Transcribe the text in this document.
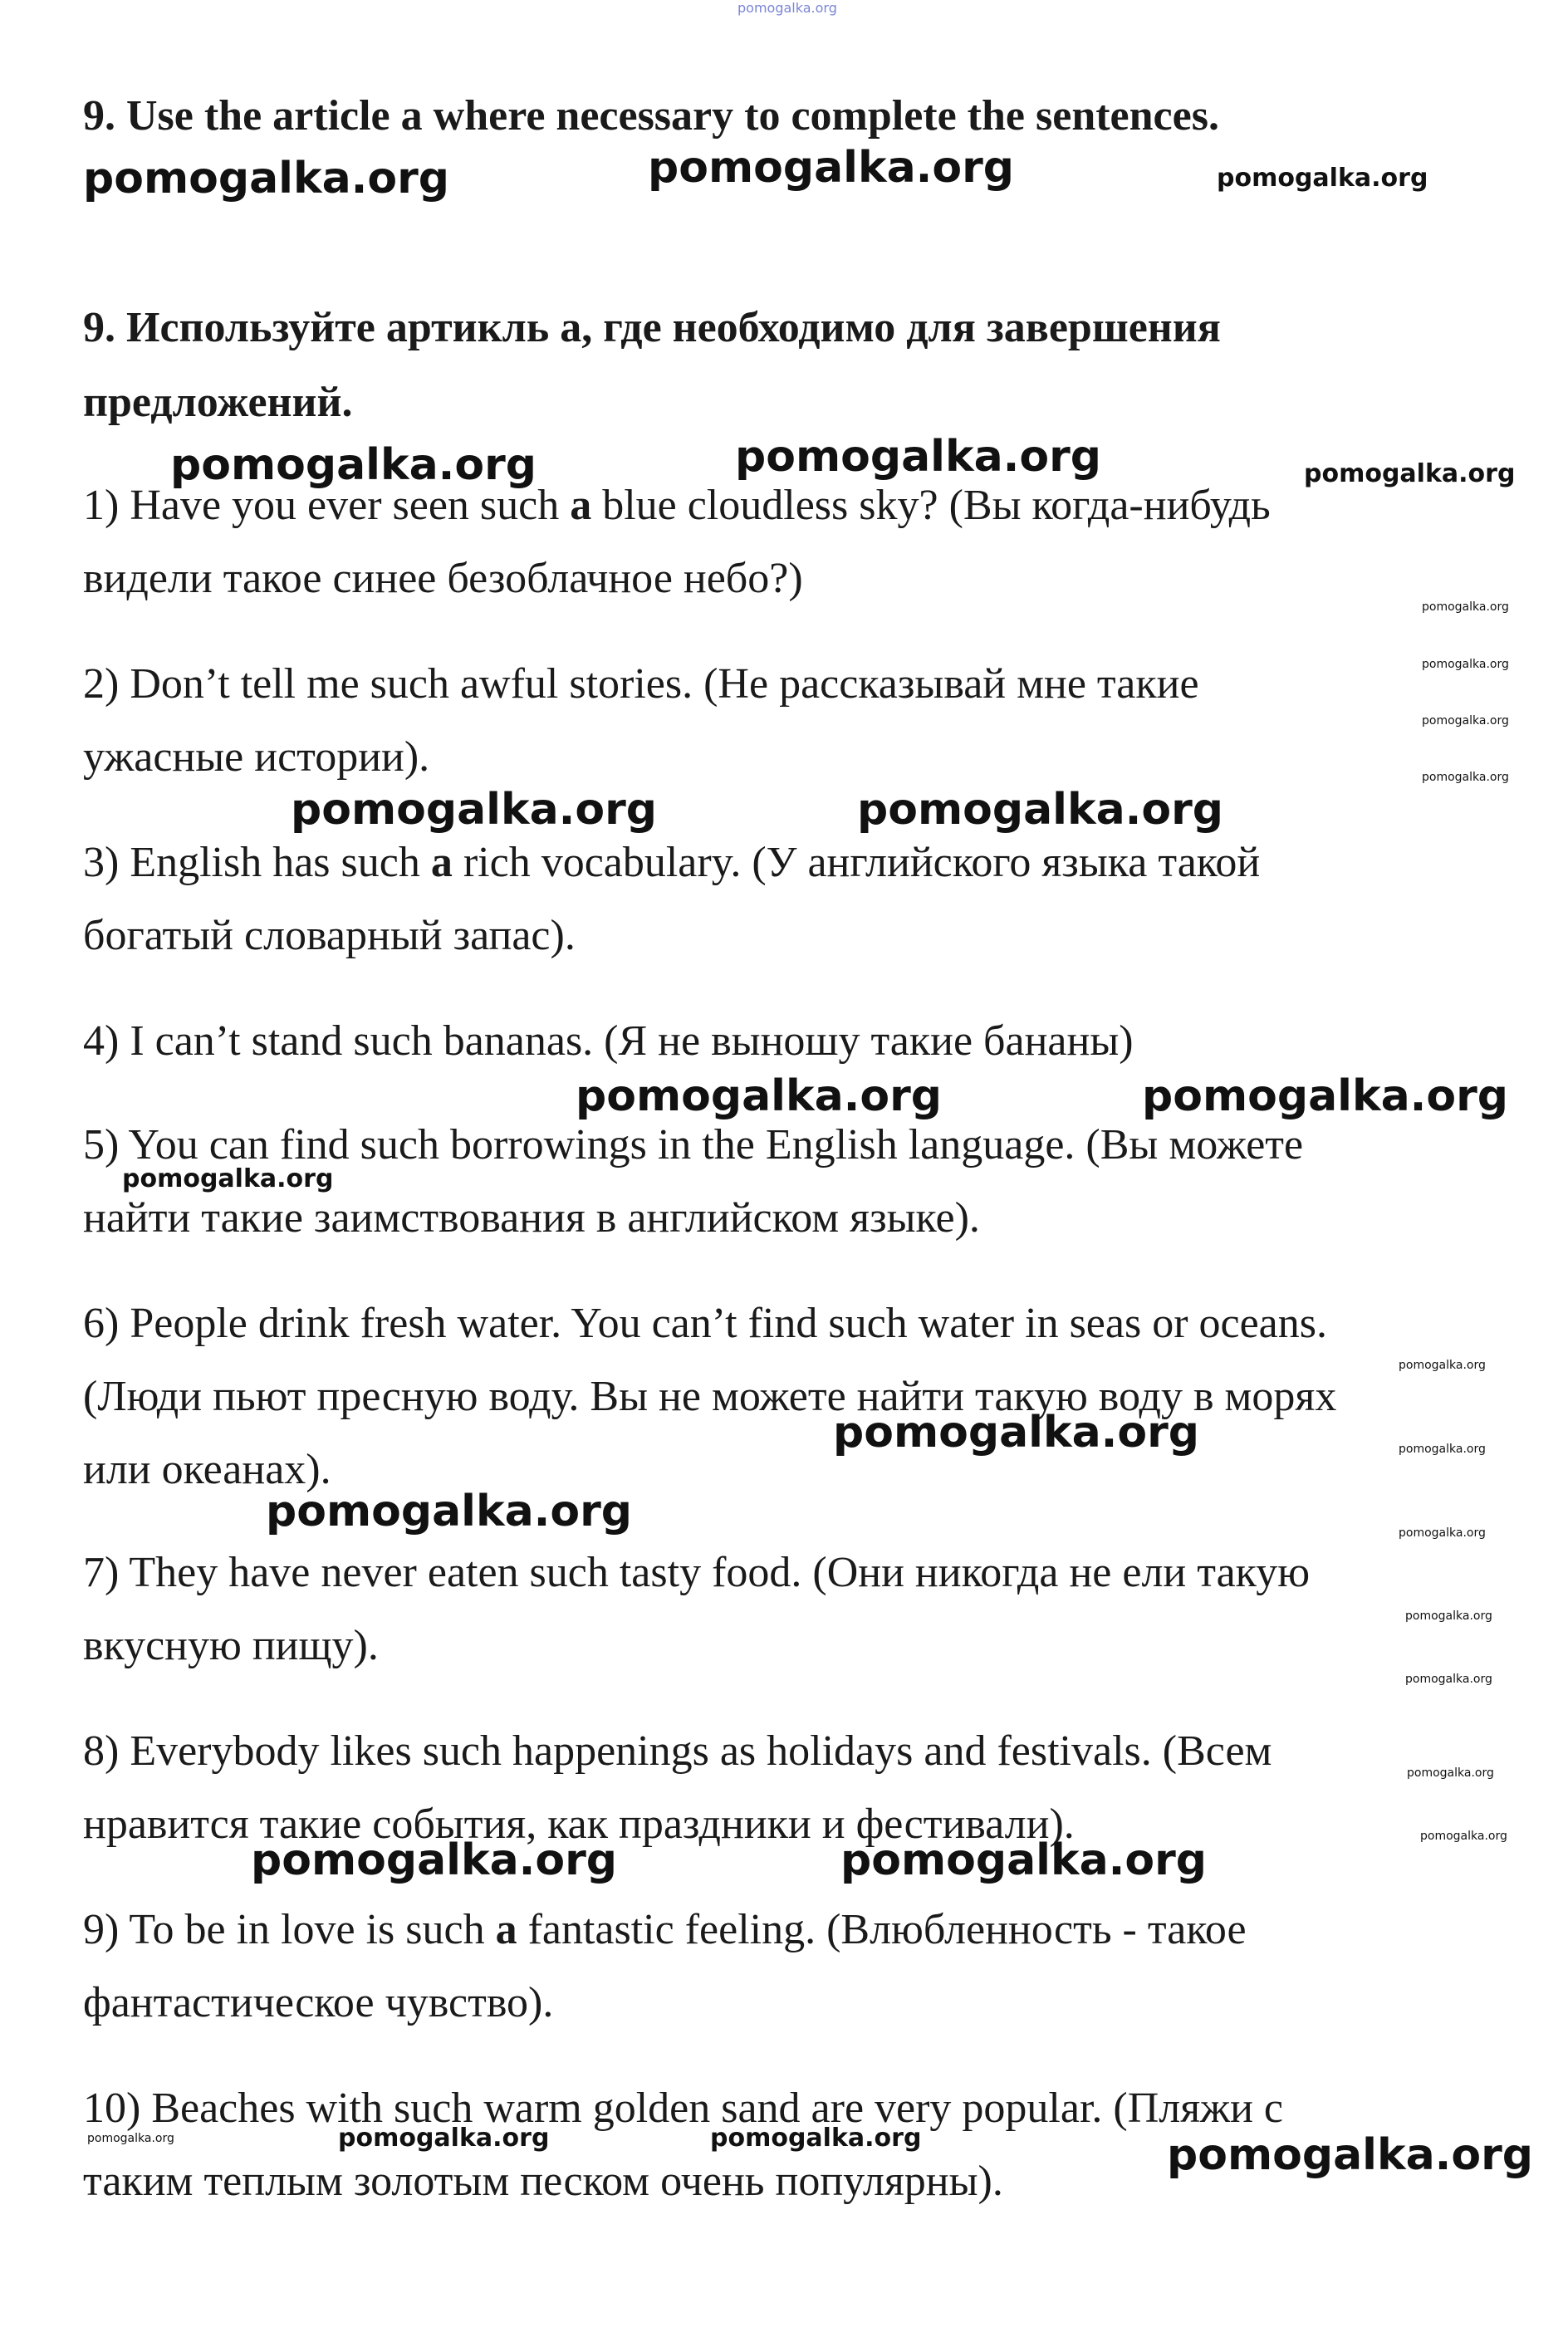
pomogalka.org
9. Use the article a where necessary to complete the sentences.
pomogalka.org	pomogalka.org	pomogalka.org
9. Используйте артикль а, где необходимо для завершения
предложений.
pomogalka.org	pomogalka.org	pomogalka.org
1) Have you ever seen such a blue cloudless sky? (Вы когда-нибудь
видели такое синее безоблачное небо?)
pomogalka.org
pomogalka.org
pomogalka.org
pomogalka.org
2) Don’t tell me such awful stories. (Не рассказывай мне такие
ужасные истории).
pomogalka.org	pomogalka.org
3) English has such a rich vocabulary. (У английского языка такой
богатый словарный запас).
4) I can’t stand such bananas. (Я не выношу такие бананы)
pomogalka.org	pomogalka.org
5) You can find such borrowings in the English language. (Вы можете
найти такие заимствования в английском языке).
pomogalka.org
6) People drink fresh water. You can’t find such water in seas or oceans.
(Люди пьют пресную воду. Вы не можете найти такую воду в морях
или океанах).
pomogalka.org
pomogalka.org	pomogalka.org
pomogalka.org	pomogalka.org
7) They have never eaten such tasty food. (Они никогда не ели такую
вкусную пищу).
pomogalka.org
pomogalka.org
8) Everybody likes such happenings as holidays and festivals. (Всем
нравится такие события, как праздники и фестивали).
pomogalka.org
pomogalka.org
pomogalka.org	pomogalka.org
9) To be in love is such a fantastic feeling. (Влюбленность - такое
фантастическое чувство).
10) Beaches with such warm golden sand are very popular. (Пляжи с
таким теплым золотым песком очень популярны).
pomogalka.org	pomogalka.org	pomogalka.org	pomogalka.org
